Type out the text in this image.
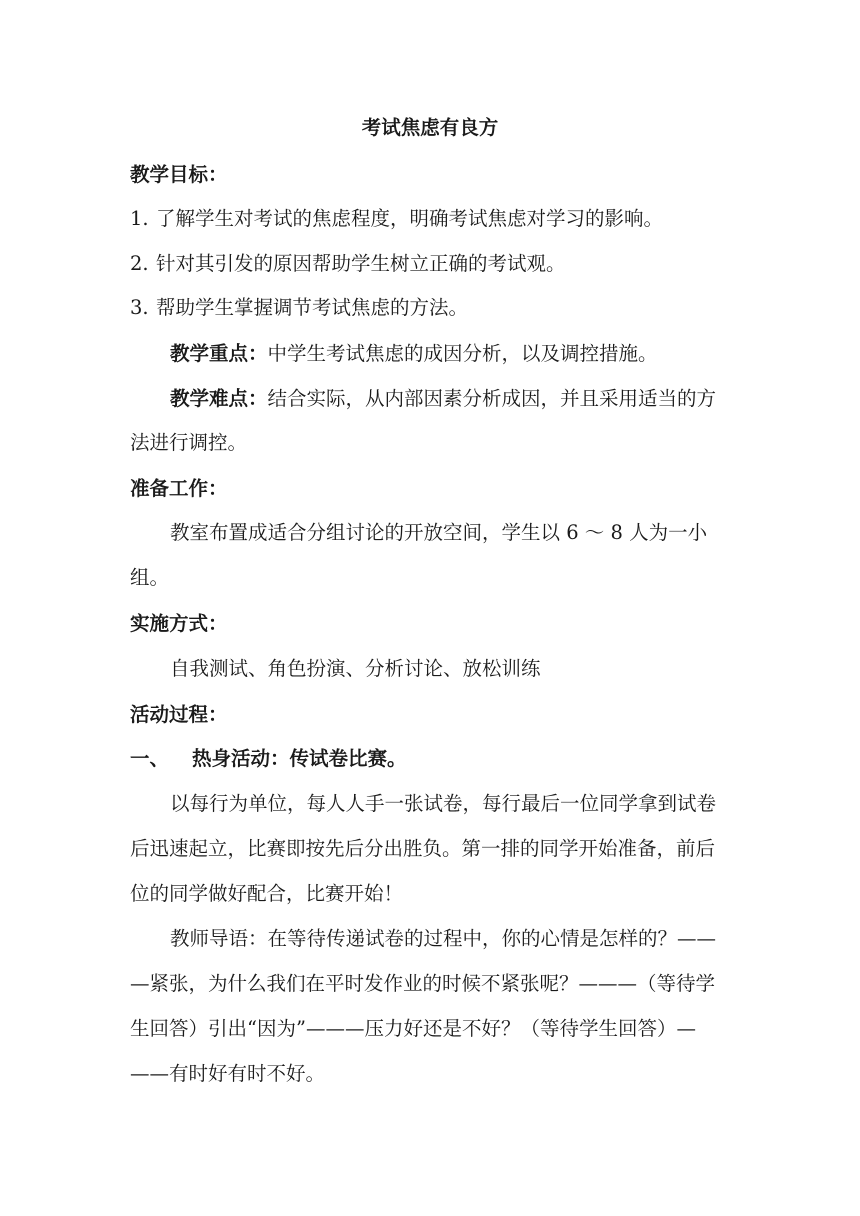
考试焦虑有良方
教学目标：
1. 了解学生对考试的焦虑程度，明确考试焦虑对学习的影响。
2. 针对其引发的原因帮助学生树立正确的考试观。
3. 帮助学生掌握调节考试焦虑的方法。
教学重点：中学生考试焦虑的成因分析，以及调控措施。
教学难点：结合实际，从内部因素分析成因，并且采用适当的方
法进行调控。
准备工作：
教室布置成适合分组讨论的开放空间，学生以 6 ～ 8 人为一小
组。
实施方式：
自我测试、角色扮演、分析讨论、放松训练
活动过程：
一、 热身活动：传试卷比赛。
以每行为单位，每人人手一张试卷，每行最后一位同学拿到试卷
后迅速起立，比赛即按先后分出胜负。第一排的同学开始准备，前后
位的同学做好配合，比赛开始！
教师导语：在等待传递试卷的过程中，你的心情是怎样的？——
—紧张，为什么我们在平时发作业的时候不紧张呢？———（等待学
生回答）引出“因为”———压力好还是不好？（等待学生回答）—
——有时好有时不好。
